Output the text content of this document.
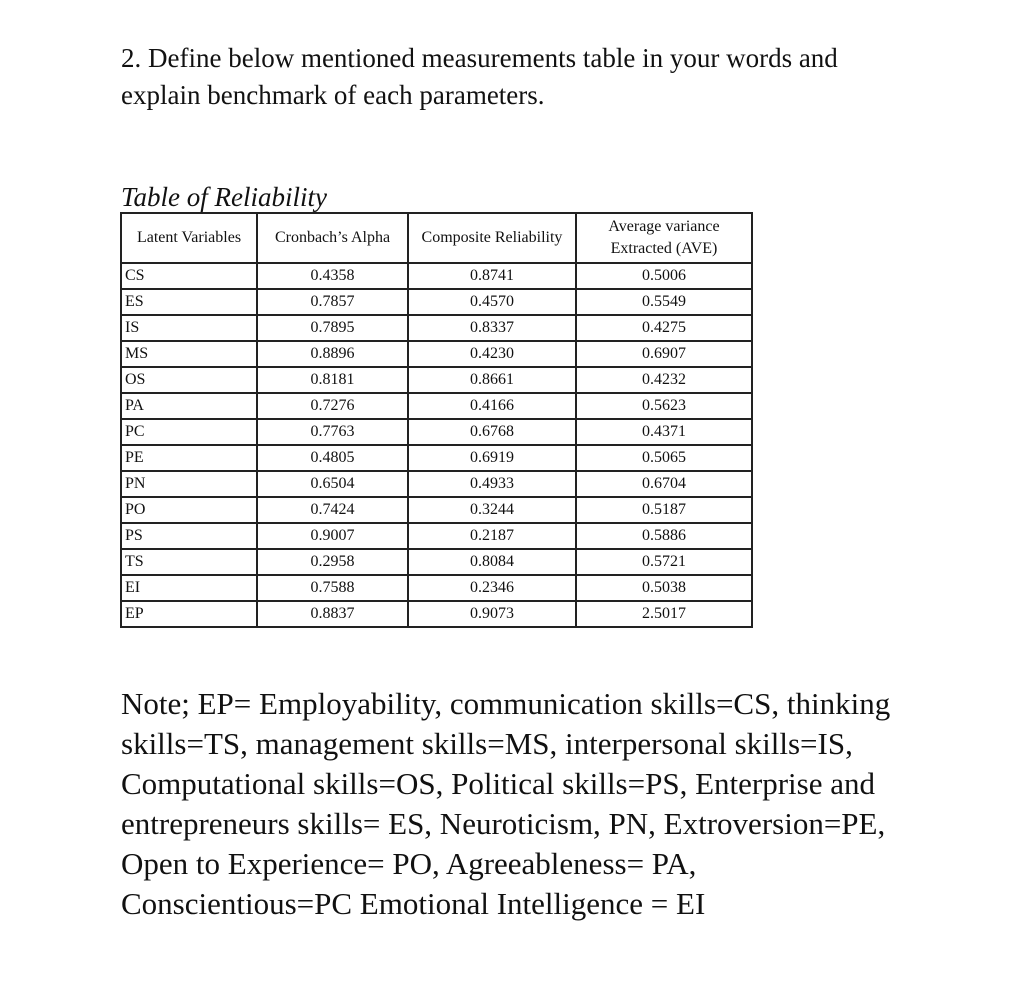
2. Define below mentioned measurements table in your words and explain benchmark of each parameters.
Table of Reliability
Latent Variables	Cronbach’s Alpha	Composite Reliability	Average variance Extracted (AVE)
CS	0.4358	0.8741	0.5006
ES	0.7857	0.4570	0.5549
IS	0.7895	0.8337	0.4275
MS	0.8896	0.4230	0.6907
OS	0.8181	0.8661	0.4232
PA	0.7276	0.4166	0.5623
PC	0.7763	0.6768	0.4371
PE	0.4805	0.6919	0.5065
PN	0.6504	0.4933	0.6704
PO	0.7424	0.3244	0.5187
PS	0.9007	0.2187	0.5886
TS	0.2958	0.8084	0.5721
EI	0.7588	0.2346	0.5038
EP	0.8837	0.9073	2.5017
Note; EP= Employability, communication skills=CS, thinking skills=TS, management skills=MS, interpersonal skills=IS, Computational skills=OS, Political skills=PS, Enterprise and entrepreneurs skills= ES, Neuroticism, PN, Extroversion=PE, Open to Experience= PO, Agreeableness= PA, Conscientious=PC Emotional Intelligence = EI
